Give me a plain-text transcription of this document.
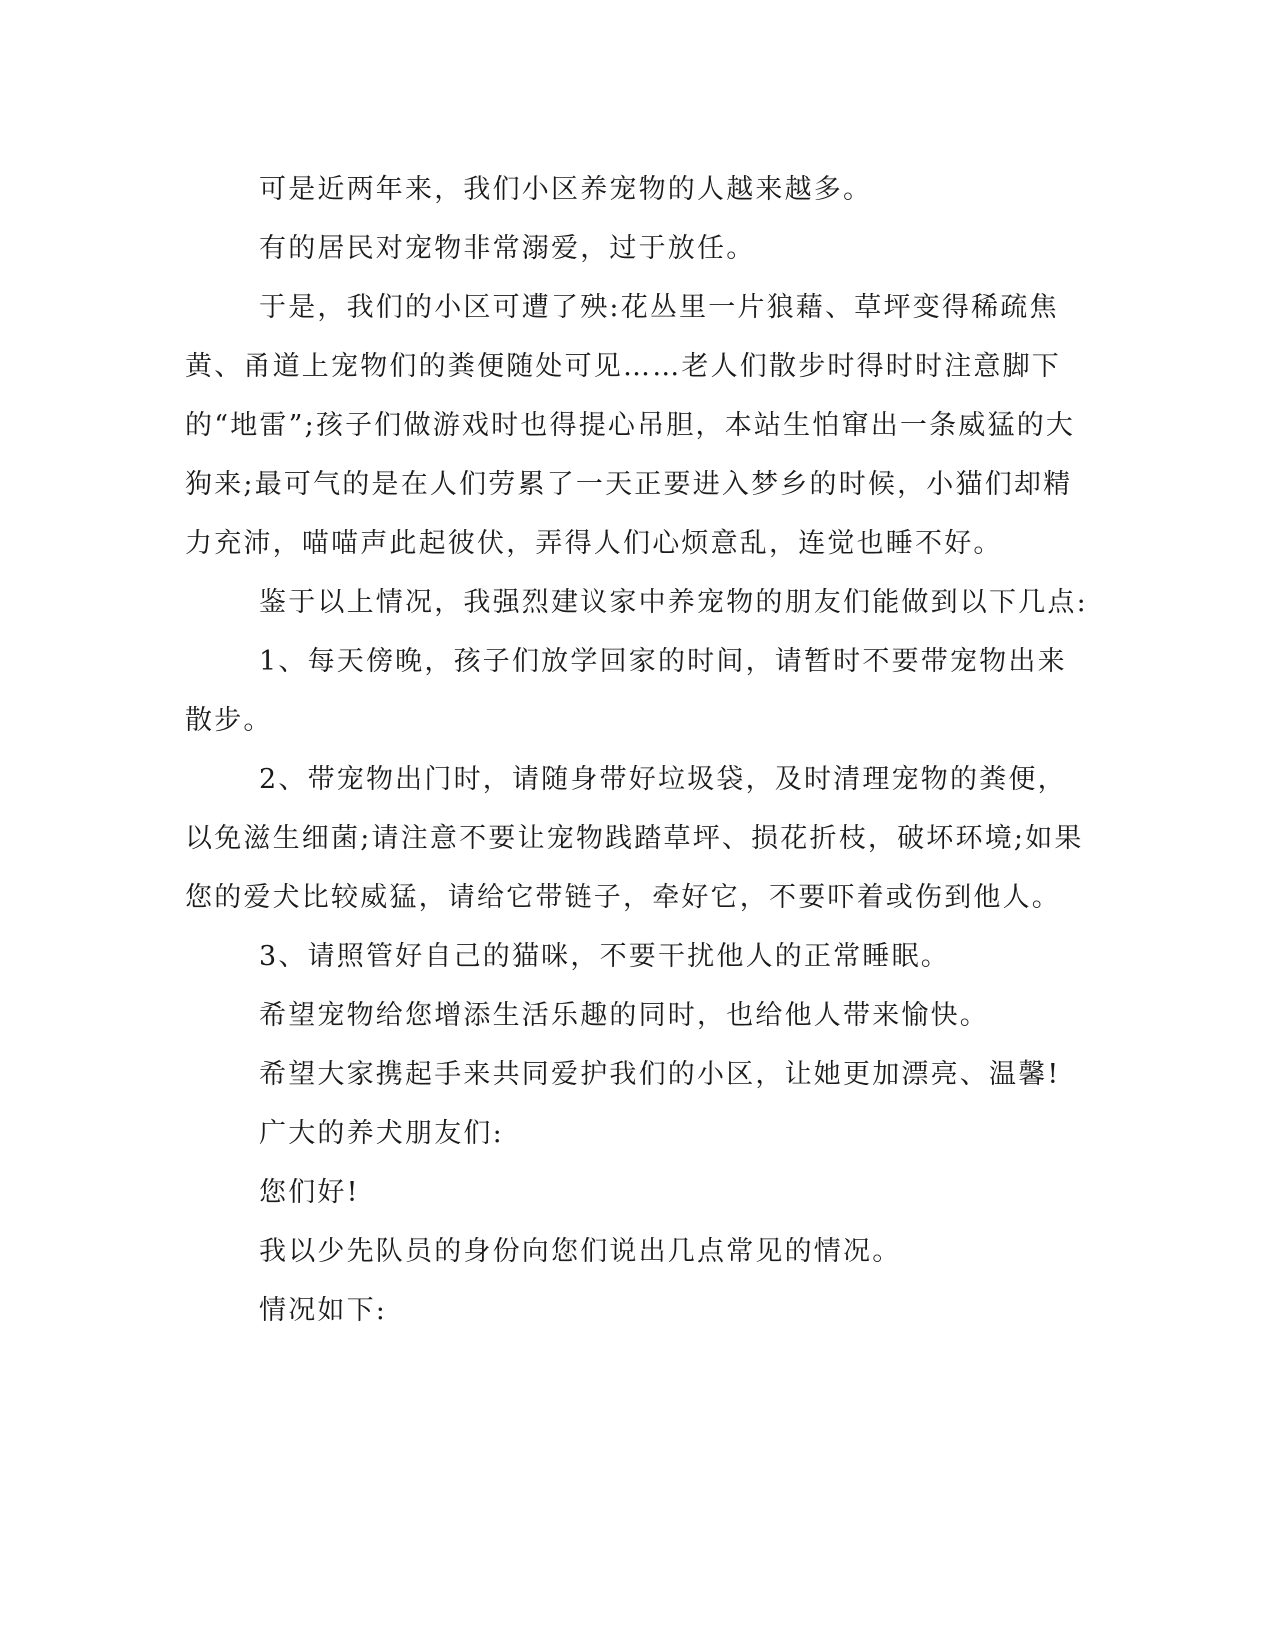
可是近两年来，我们小区养宠物的人越来越多。

有的居民对宠物非常溺爱，过于放任。

于是，我们的小区可遭了殃:花丛里一片狼藉、草坪变得稀疏焦黄、甬道上宠物们的粪便随处可见……老人们散步时得时时注意脚下的“地雷”;孩子们做游戏时也得提心吊胆，本站生怕窜出一条威猛的大狗来;最可气的是在人们劳累了一天正要进入梦乡的时候，小猫们却精力充沛，喵喵声此起彼伏，弄得人们心烦意乱，连觉也睡不好。

鉴于以上情况，我强烈建议家中养宠物的朋友们能做到以下几点:

1、每天傍晚，孩子们放学回家的时间，请暂时不要带宠物出来散步。

2、带宠物出门时，请随身带好垃圾袋，及时清理宠物的粪便，以免滋生细菌;请注意不要让宠物践踏草坪、损花折枝，破坏环境;如果您的爱犬比较威猛，请给它带链子，牵好它，不要吓着或伤到他人。

3、请照管好自己的猫咪，不要干扰他人的正常睡眠。

希望宠物给您增添生活乐趣的同时，也给他人带来愉快。

希望大家携起手来共同爱护我们的小区，让她更加漂亮、温馨!

广大的养犬朋友们:

您们好!

我以少先队员的身份向您们说出几点常见的情况。

情况如下:
